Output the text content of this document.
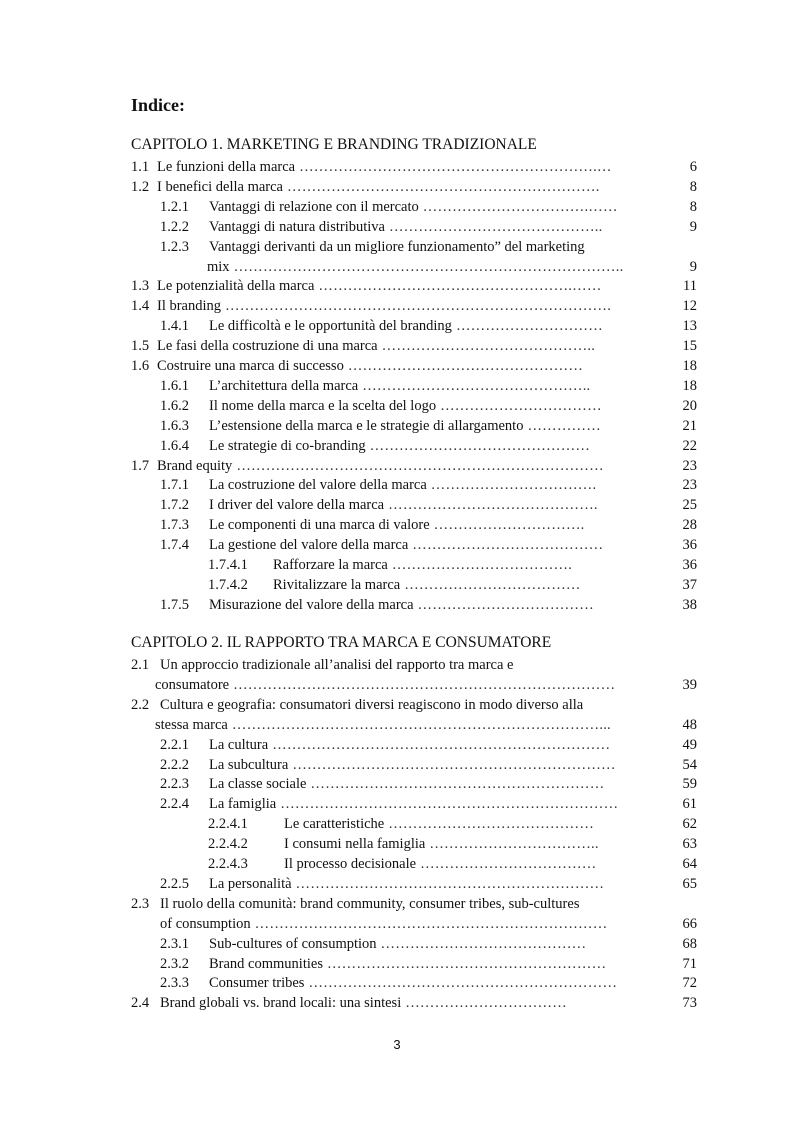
Indice:
CAPITOLO 1. MARKETING E BRANDING TRADIZIONALE
1.1 Le funzioni della marca …………………………………………………….…	6
1.2 I benefici della marca ……………………………………………………….	8
1.2.1	Vantaggi di relazione con il mercato …………………………….……	8
1.2.2	Vantaggi di natura distributiva ……………………………………..	9
1.2.3	Vantaggi derivanti da un migliore funzionamento” del marketing
mix ……………………………………………………………………..	9
1.3 Le potenzialità della marca …………………………………………….……	11
1.4 Il branding …………………………………………………………………….	12
1.4.1	Le difficoltà e le opportunità del branding …………………………	13
1.5 Le fasi della costruzione di una marca ……………………………………..	15
1.6 Costruire una marca di successo …………………………………………	18
1.6.1	L’architettura della marca ………………………………………..	18
1.6.2	Il nome della marca e la scelta del logo ……………………………	20
1.6.3	L’estensione della marca e le strategie di allargamento ……………	21
1.6.4	Le strategie di co-branding ………………………………………	22
1.7 Brand equity …………………………………………………………………	23
1.7.1	La costruzione del valore della marca …………………………….	23
1.7.2	I driver del valore della marca …………………………………….	25
1.7.3	Le componenti di una marca di valore ………………………….	28
1.7.4	La gestione del valore della marca …………………………………	36
1.7.4.1	Rafforzare la marca ……………………………….	36
1.7.4.2	Rivitalizzare la marca ………………………………	37
1.7.5	Misurazione del valore della marca ………………………………	38
CAPITOLO 2. IL RAPPORTO TRA MARCA E CONSUMATORE
2.1 Un approccio tradizionale all’analisi del rapporto tra marca e
consumatore ……………………………………………………………………	39
2.2 Cultura e geografia: consumatori diversi reagiscono in modo diverso alla
stessa marca …………………………………………………………………...	48
2.2.1	La cultura ……………………………………………………………	49
2.2.2	La subcultura …………………………………………………………	54
2.2.3	La classe sociale ……………………………………………………	59
2.2.4	La famiglia ……………………………………………………………	61
2.2.4.1	Le caratteristiche ……………………………………	62
2.2.4.2	I consumi nella famiglia ……………………………..	63
2.2.4.3	Il processo decisionale ………………………………	64
2.2.5	La personalità ………………………………………………………	65
2.3 Il ruolo della comunità: brand community, consumer tribes, sub-cultures
of consumption ………………………………………………………………	66
2.3.1	Sub-cultures of consumption ……………………………………	68
2.3.2	Brand communities …………………………………………………	71
2.3.3	Consumer tribes ………………………………………………………	72
2.4 Brand globali vs. brand locali: una sintesi ……………………………	73
3
